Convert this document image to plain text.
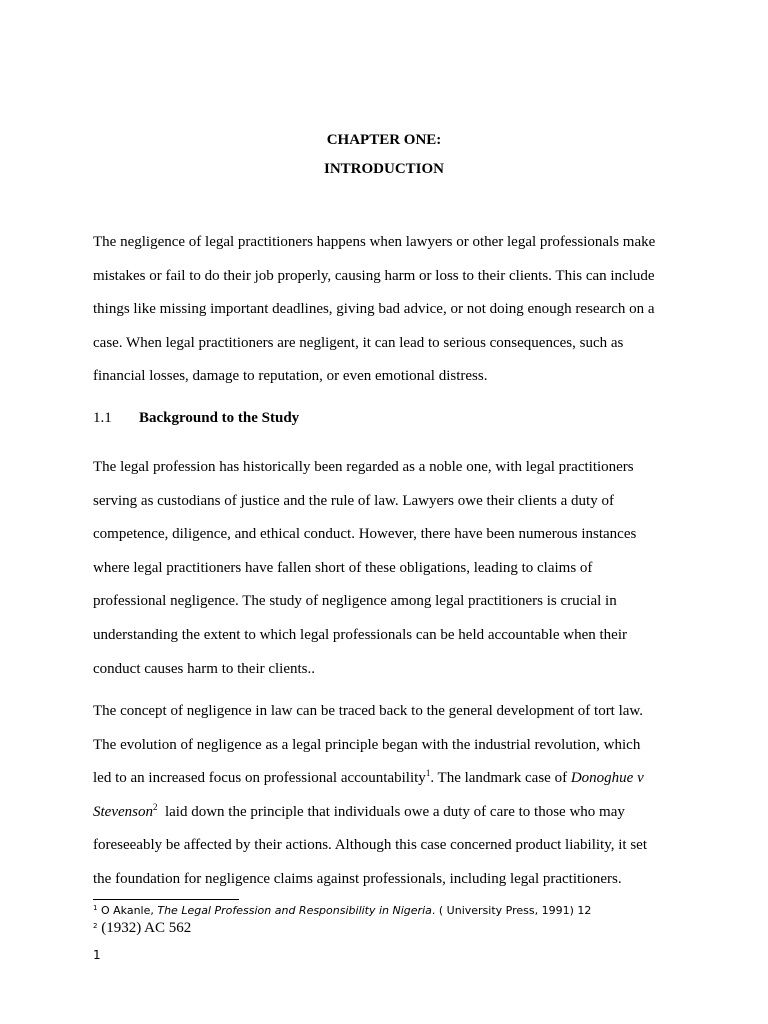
CHAPTER ONE:
INTRODUCTION
The negligence of legal practitioners happens when lawyers or other legal professionals make
mistakes or fail to do their job properly, causing harm or loss to their clients. This can include
things like missing important deadlines, giving bad advice, or not doing enough research on a
case. When legal practitioners are negligent, it can lead to serious consequences, such as
financial losses, damage to reputation, or even emotional distress.
1.1 Background to the Study
The legal profession has historically been regarded as a noble one, with legal practitioners
serving as custodians of justice and the rule of law. Lawyers owe their clients a duty of
competence, diligence, and ethical conduct. However, there have been numerous instances
where legal practitioners have fallen short of these obligations, leading to claims of
professional negligence. The study of negligence among legal practitioners is crucial in
understanding the extent to which legal professionals can be held accountable when their
conduct causes harm to their clients..
The concept of negligence in law can be traced back to the general development of tort law.
The evolution of negligence as a legal principle began with the industrial revolution, which
led to an increased focus on professional accountability$^1$. The landmark case of Donoghue v
Stevenson$^2$  laid down the principle that individuals owe a duty of care to those who may
foreseeably be affected by their actions. Although this case concerned product liability, it set
the foundation for negligence claims against professionals, including legal practitioners.
$^1$ O Akanle, The Legal Profession and Responsibility in Nigeria. ( University Press, 1991) 12
$^2$ (1932) AC 562
1
